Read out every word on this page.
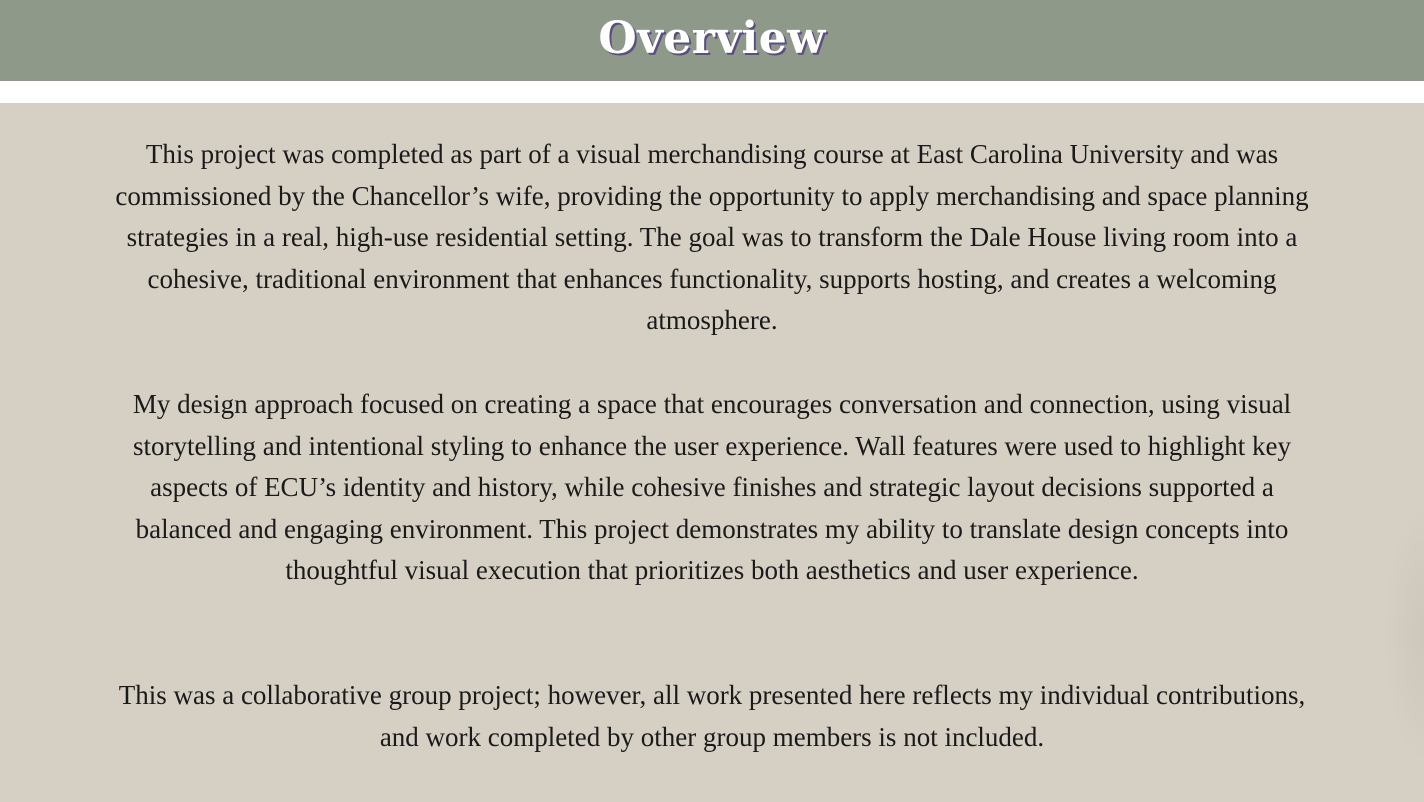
Overview

This project was completed as part of a visual merchandising course at East Carolina University and was commissioned by the Chancellor’s wife, providing the opportunity to apply merchandising and space planning strategies in a real, high-use residential setting. The goal was to transform the Dale House living room into a cohesive, traditional environment that enhances functionality, supports hosting, and creates a welcoming atmosphere.

My design approach focused on creating a space that encourages conversation and connection, using visual storytelling and intentional styling to enhance the user experience. Wall features were used to highlight key aspects of ECU’s identity and history, while cohesive finishes and strategic layout decisions supported a balanced and engaging environment. This project demonstrates my ability to translate design concepts into thoughtful visual execution that prioritizes both aesthetics and user experience.

This was a collaborative group project; however, all work presented here reflects my individual contributions, and work completed by other group members is not included.
